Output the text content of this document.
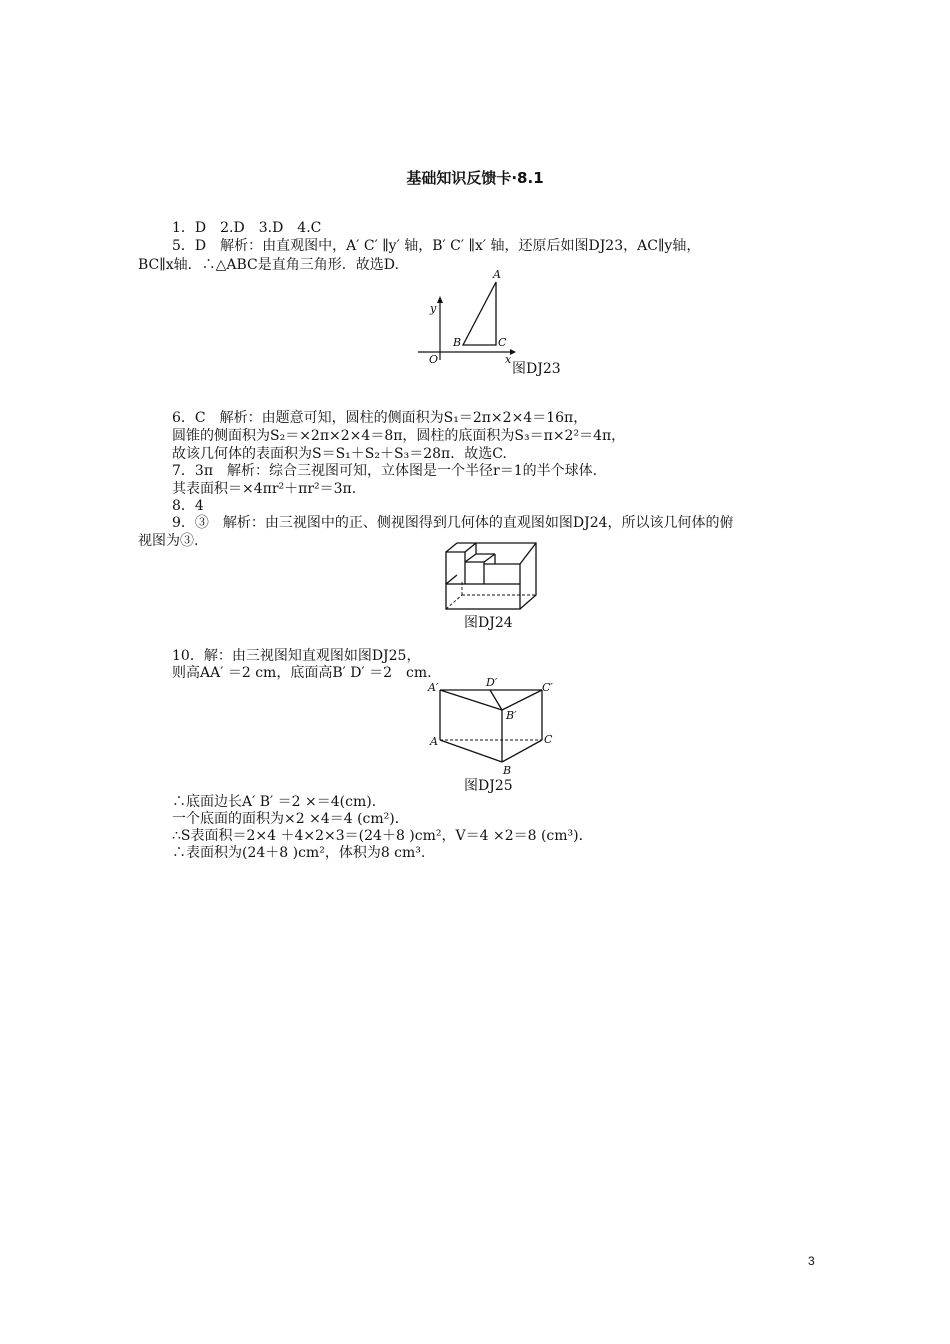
基础知识反馈卡·8.1
1．D　2.D　3.D　4.C
5．D　解析：由直观图中，A′ C′ ∥y′ 轴，B′ C′ ∥x′ 轴，还原后如图DJ23，AC∥y轴，
BC∥x轴．∴△ABC是直角三角形．故选D.
A
B	C
O	x
y
图DJ23
6．C　解析：由题意可知，圆柱的侧面积为S₁＝2π×2×4＝16π，
圆锥的侧面积为S₂＝×2π×2×4＝8π，圆柱的底面积为S₃＝π×2²＝4π，
故该几何体的表面积为S＝S₁＋S₂＋S₃＝28π．故选C.
7．3π　解析：综合三视图可知，立体图是一个半径r＝1的半个球体．
其表面积＝×4πr²＋πr²＝3π.
8．4
9．③　解析：由三视图中的正、侧视图得到几何体的直观图如图DJ24，所以该几何体的俯
视图为③.
图DJ24
10．解：由三视图知直观图如图DJ25，
则高AA′ ＝2 cm，底面高B′ D′ ＝2　cm.
A′	D′	C′
B′
A	C
B
图DJ25
∴底面边长A′ B′ ＝2 ×＝4(cm)．
一个底面的面积为×2 ×4＝4 (cm²)．
∴S表面积＝2×4 ＋4×2×3＝(24＋8 )cm²，V＝4 ×2＝8 (cm³)．
∴表面积为(24＋8 )cm²，体积为8 cm³.
3
